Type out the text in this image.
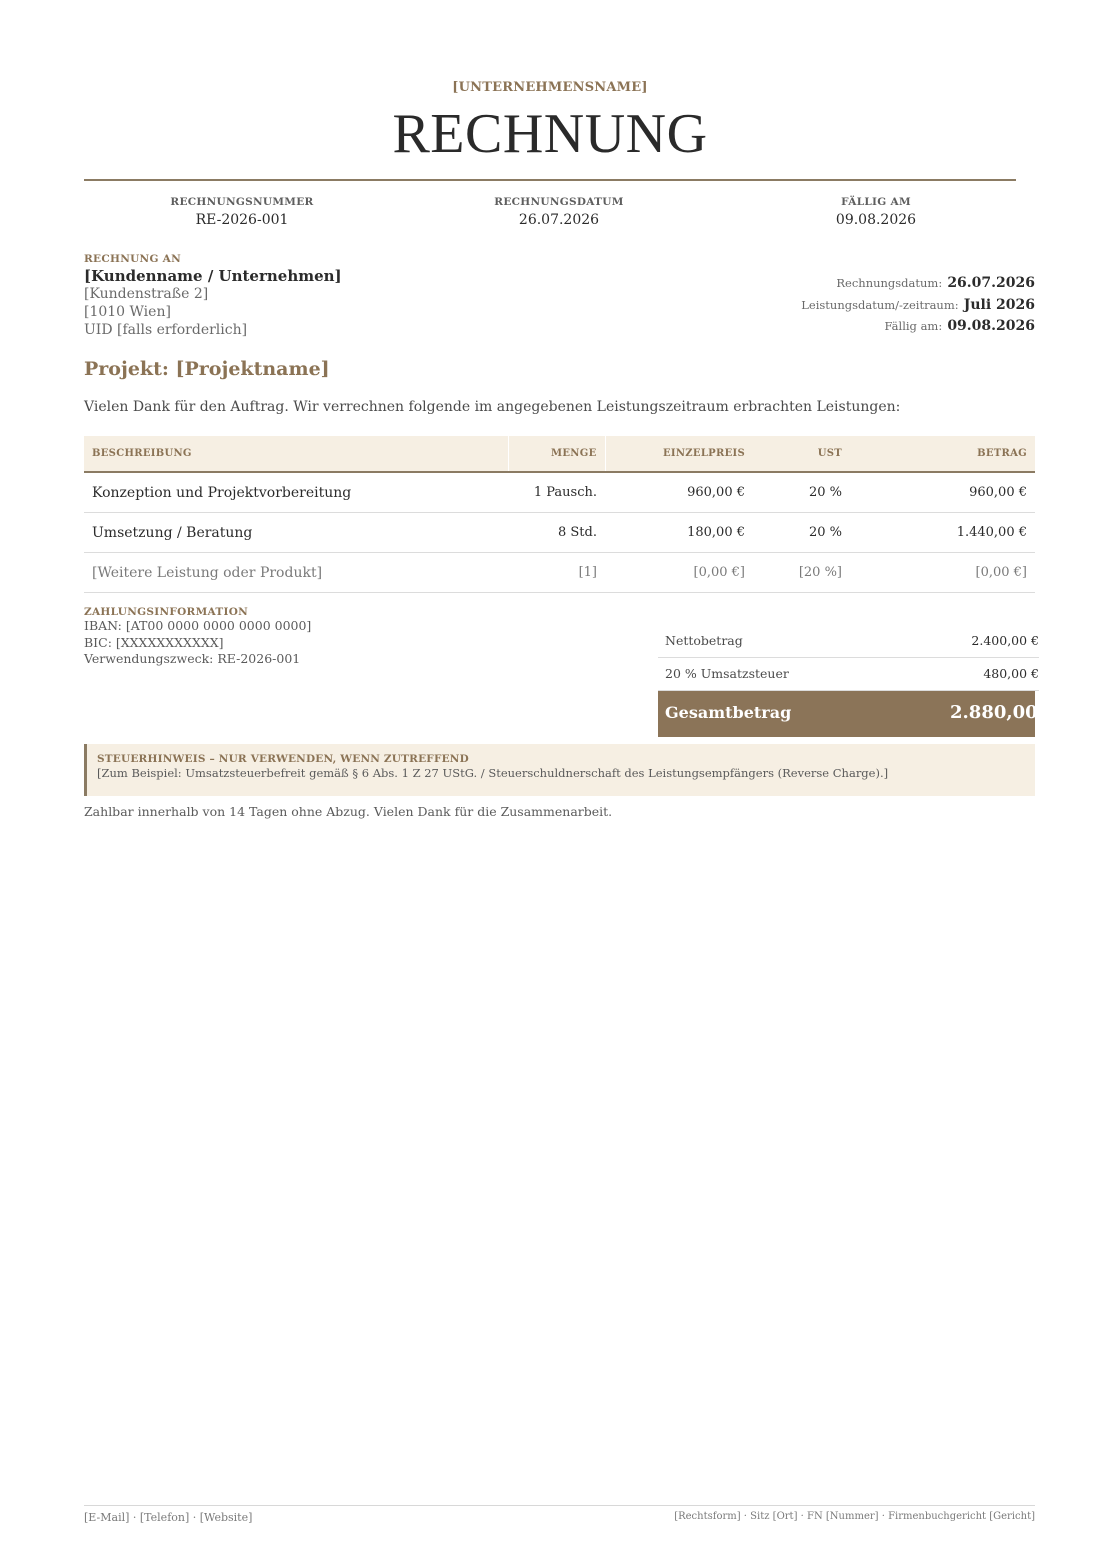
[UNTERNEHMENSNAME]
RECHNUNG
RECHNUNGSNUMMER
RE-2026-001
RECHNUNGSDATUM
26.07.2026
FÄLLIG AM
09.08.2026
RECHNUNG AN
[Kundenname / Unternehmen]
[Kundenstraße 2]
[1010 Wien]
UID [falls erforderlich]
Rechnungsdatum: 26.07.2026
Leistungsdatum/-zeitraum: Juli 2026
Fällig am: 09.08.2026
Projekt: [Projektname]
Vielen Dank für den Auftrag. Wir verrechnen folgende im angegebenen Leistungszeitraum erbrachten Leistungen:
BESCHREIBUNG	MENGE	EINZELPREIS	UST	BETRAG
Konzeption und Projektvorbereitung	1 Pausch.	960,00 €	20 %	960,00 €
Umsetzung / Beratung	8 Std.	180,00 €	20 %	1.440,00 €
[Weitere Leistung oder Produkt]	[1]	[0,00 €]	[20 %]	[0,00 €]
ZAHLUNGSINFORMATION
IBAN: [AT00 0000 0000 0000 0000]
BIC: [XXXXXXXXXXX]
Verwendungszweck: RE-2026-001
Nettobetrag	2.400,00 €
20 % Umsatzsteuer	480,00 €
Gesamtbetrag	2.880,00 €
STEUERHINWEIS – NUR VERWENDEN, WENN ZUTREFFEND
[Zum Beispiel: Umsatzsteuerbefreit gemäß § 6 Abs. 1 Z 27 UStG. / Steuerschuldnerschaft des Leistungsempfängers (Reverse Charge).]
Zahlbar innerhalb von 14 Tagen ohne Abzug. Vielen Dank für die Zusammenarbeit.
[E-Mail] · [Telefon] · [Website]	[Rechtsform] · Sitz [Ort] · FN [Nummer] · Firmenbuchgericht [Gericht]
